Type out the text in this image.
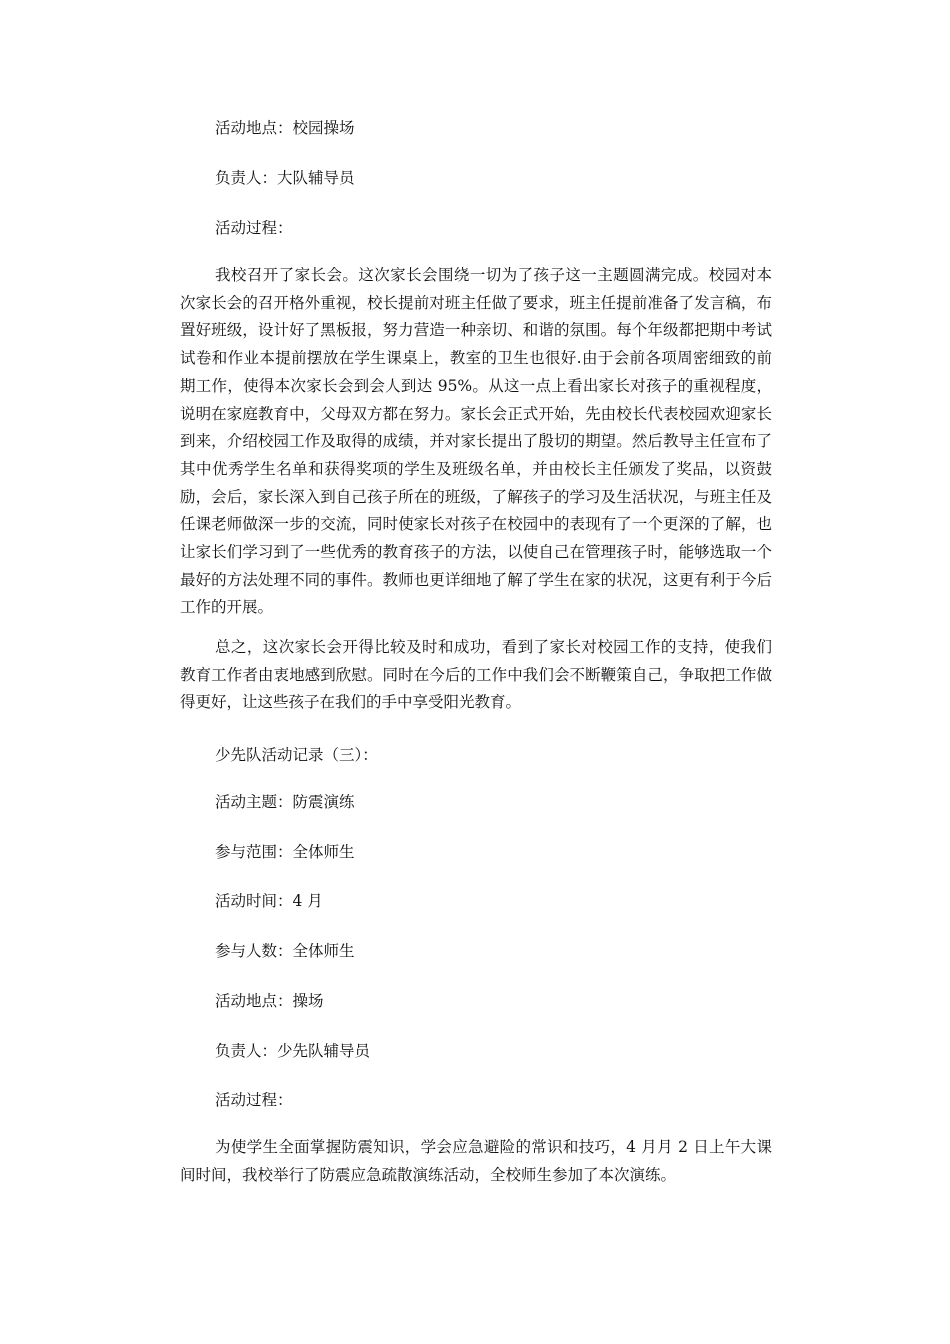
活动地点：校园操场
负责人：大队辅导员
活动过程：

我校召开了家长会。这次家长会围绕一切为了孩子这一主题圆满完成。校园对本次家长会的召开格外重视，校长提前对班主任做了要求，班主任提前准备了发言稿，布置好班级，设计好了黑板报，努力营造一种亲切、和谐的氛围。每个年级都把期中考试试卷和作业本提前摆放在学生课桌上，教室的卫生也很好.由于会前各项周密细致的前期工作，使得本次家长会到会人到达 95%。从这一点上看出家长对孩子的重视程度，说明在家庭教育中，父母双方都在努力。家长会正式开始，先由校长代表校园欢迎家长到来，介绍校园工作及取得的成绩，并对家长提出了殷切的期望。然后教导主任宣布了其中优秀学生名单和获得奖项的学生及班级名单，并由校长主任颁发了奖品，以资鼓励，会后，家长深入到自己孩子所在的班级，了解孩子的学习及生活状况，与班主任及任课老师做深一步的交流，同时使家长对孩子在校园中的表现有了一个更深的了解，也让家长们学习到了一些优秀的教育孩子的方法，以使自己在管理孩子时，能够选取一个最好的方法处理不同的事件。教师也更详细地了解了学生在家的状况，这更有利于今后工作的开展。

总之，这次家长会开得比较及时和成功，看到了家长对校园工作的支持，使我们教育工作者由衷地感到欣慰。同时在今后的工作中我们会不断鞭策自己，争取把工作做得更好，让这些孩子在我们的手中享受阳光教育。

少先队活动记录（三）：
活动主题：防震演练
参与范围：全体师生
活动时间：4 月
参与人数：全体师生
活动地点：操场
负责人：少先队辅导员
活动过程：

为使学生全面掌握防震知识，学会应急避险的常识和技巧，4 月月 2 日上午大课间时间，我校举行了防震应急疏散演练活动，全校师生参加了本次演练。
